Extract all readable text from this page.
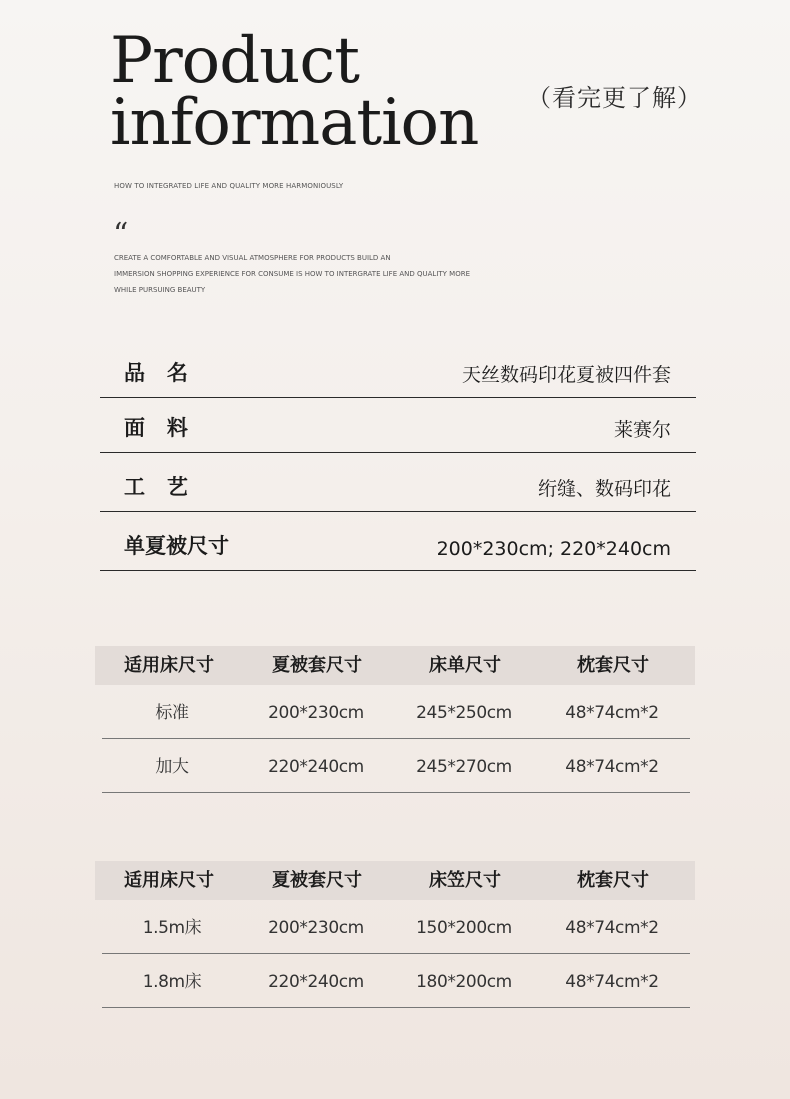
Product
information （看完更了解）
HOW TO INTEGRATED LIFE AND QUALITY MORE HARMONIOUSLY
“
CREATE A COMFORTABLE AND VISUAL ATMOSPHERE FOR PRODUCTS BUILD AN
IMMERSION SHOPPING EXPERIENCE FOR CONSUME IS HOW TO INTERGRATE LIFE AND QUALITY MORE
WHILE PURSUING BEAUTY
品   名	天丝数码印花夏被四件套
面   料	莱赛尔
工   艺	绗缝、数码印花
单夏被尺寸	200*230cm; 220*240cm
适用床尺寸	夏被套尺寸	床单尺寸	枕套尺寸
标准	200*230cm	245*250cm	48*74cm*2
加大	220*240cm	245*270cm	48*74cm*2
适用床尺寸	夏被套尺寸	床笠尺寸	枕套尺寸
1.5m床	200*230cm	150*200cm	48*74cm*2
1.8m床	220*240cm	180*200cm	48*74cm*2
